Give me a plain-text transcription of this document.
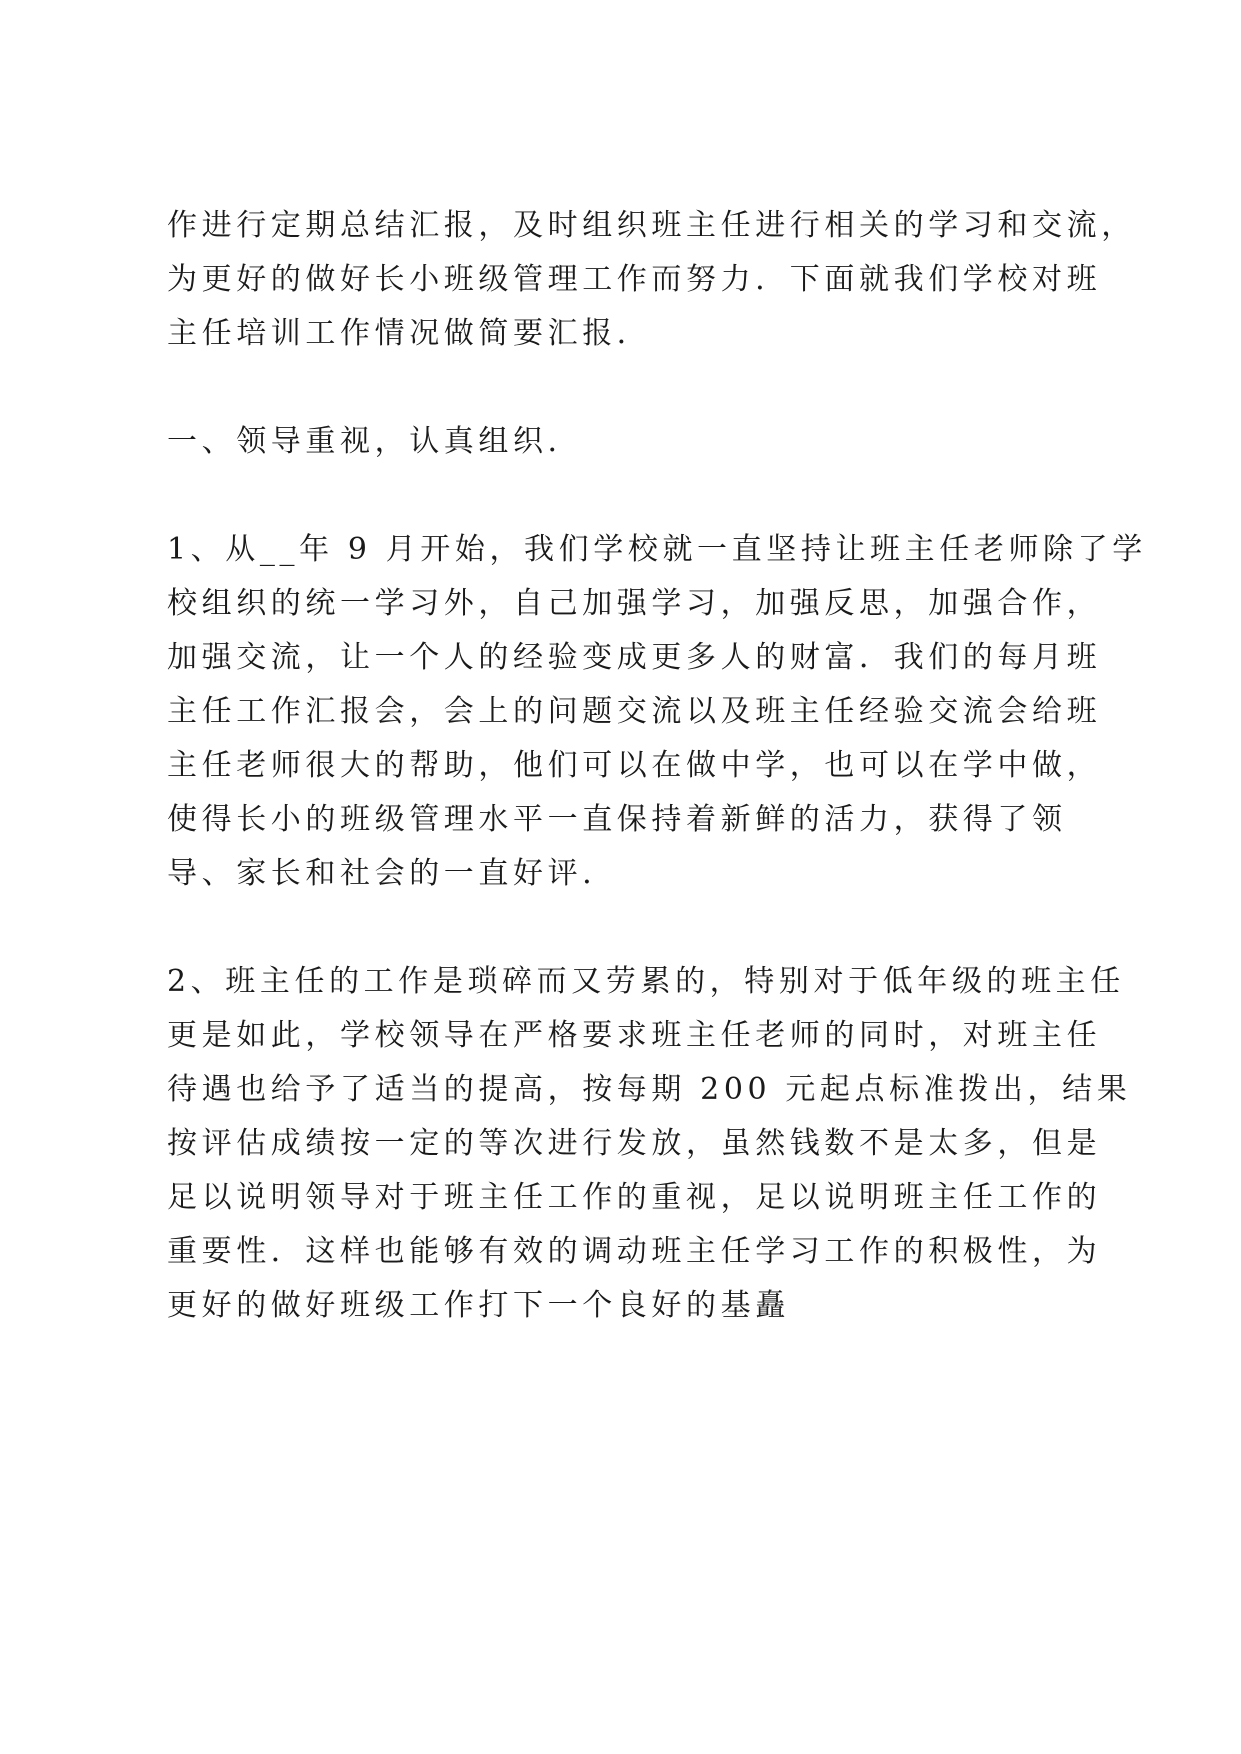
作进行定期总结汇报，及时组织班主任进行相关的学习和交流，
为更好的做好长小班级管理工作而努力．下面就我们学校对班
主任培训工作情况做简要汇报．
一、领导重视，认真组织．
1、从__年 9 月开始，我们学校就一直坚持让班主任老师除了学
校组织的统一学习外，自己加强学习，加强反思，加强合作，
加强交流，让一个人的经验变成更多人的财富．我们的每月班
主任工作汇报会，会上的问题交流以及班主任经验交流会给班
主任老师很大的帮助，他们可以在做中学，也可以在学中做，
使得长小的班级管理水平一直保持着新鲜的活力，获得了领
导、家长和社会的一直好评．
2、班主任的工作是琐碎而又劳累的，特别对于低年级的班主任
更是如此，学校领导在严格要求班主任老师的同时，对班主任
待遇也给予了适当的提高，按每期 200 元起点标准拨出，结果
按评估成绩按一定的等次进行发放，虽然钱数不是太多，但是
足以说明领导对于班主任工作的重视，足以说明班主任工作的
重要性．这样也能够有效的调动班主任学习工作的积极性，为
更好的做好班级工作打下一个良好的基矗
